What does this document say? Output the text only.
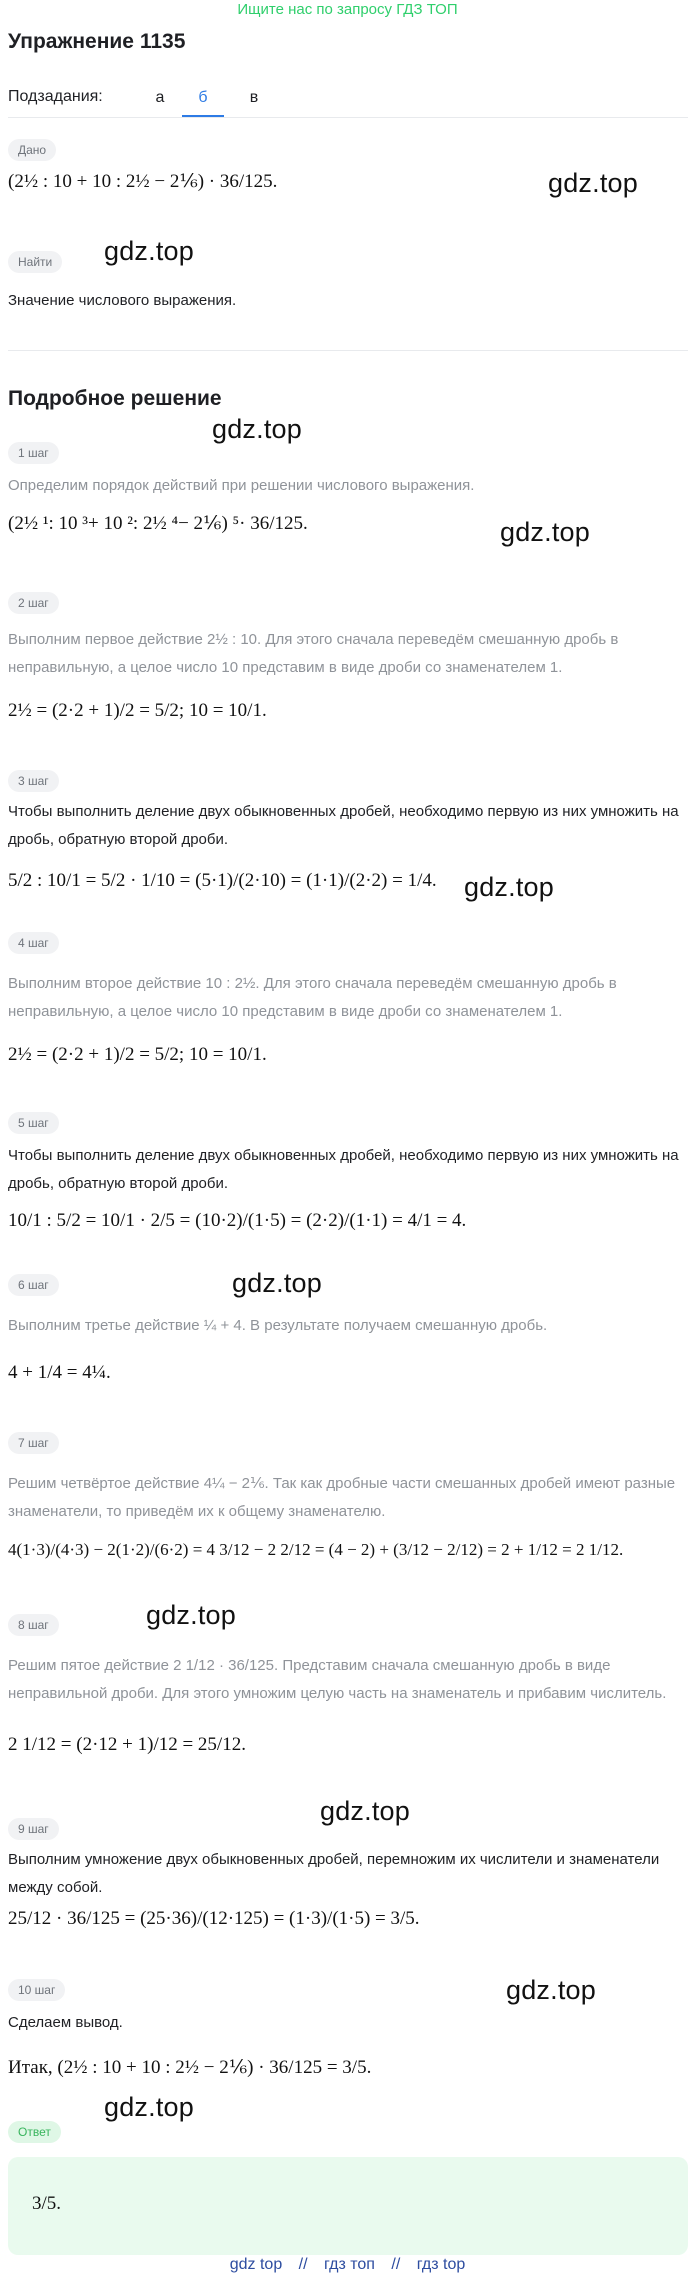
Ищите нас по запросу ГДЗ ТОП
Упражнение 1135
Подзадания:	а	б	в
Дано
(2½ : 10 + 10 : 2½ − 2⅙) · 36/125.	gdz.top
Найти	gdz.top
Значение числового выражения.
Подробное решение
gdz.top
1 шаг
Определим порядок действий при решении числового выражения.
(2½ ¹: 10 ³+ 10 ²: 2½ ⁴− 2⅙) ⁵· 36/125.	gdz.top
2 шаг
Выполним первое действие 2½ : 10. Для этого сначала переведём смешанную дробь в неправильную, а целое число 10 представим в виде дроби со знаменателем 1.
2½ = (2·2 + 1)/2 = 5/2; 10 = 10/1.
3 шаг
Чтобы выполнить деление двух обыкновенных дробей, необходимо первую из них умножить на дробь, обратную второй дроби.
5/2 : 10/1 = 5/2 · 1/10 = (5·1)/(2·10) = (1·1)/(2·2) = 1/4. gdz.top
4 шаг
Выполним второе действие 10 : 2½. Для этого сначала переведём смешанную дробь в неправильную, а целое число 10 представим в виде дроби со знаменателем 1.
2½ = (2·2 + 1)/2 = 5/2; 10 = 10/1.
5 шаг
Чтобы выполнить деление двух обыкновенных дробей, необходимо первую из них умножить на дробь, обратную второй дроби.
10/1 : 5/2 = 10/1 · 2/5 = (10·2)/(1·5) = (2·2)/(1·1) = 4/1 = 4.
gdz.top
6 шаг
Выполним третье действие ¼ + 4. В результате получаем смешанную дробь.
4 + 1/4 = 4¼.
7 шаг
Решим четвёртое действие 4¼ − 2⅙. Так как дробные части смешанных дробей имеют разные знаменатели, то приведём их к общему знаменателю.
4(1·3)/(4·3) − 2(1·2)/(6·2) = 4 3/12 − 2 2/12 = (4 − 2) + (3/12 − 2/12) = 2 + 1/12 = 2 1/12.
gdz.top
8 шаг
Решим пятое действие 2 1/12 · 36/125. Представим сначала смешанную дробь в виде неправильной дроби. Для этого умножим целую часть на знаменатель и прибавим числитель.
2 1/12 = (2·12 + 1)/12 = 25/12.
gdz.top
9 шаг
Выполним умножение двух обыкновенных дробей, перемножим их числители и знаменатели между собой.
25/12 · 36/125 = (25·36)/(12·125) = (1·3)/(1·5) = 3/5.
10 шаг	gdz.top
Сделаем вывод.
Итак, (2½ : 10 + 10 : 2½ − 2⅙) · 36/125 = 3/5.
gdz.top
Ответ
3/5.
gdz top // гдз топ // гдз top
